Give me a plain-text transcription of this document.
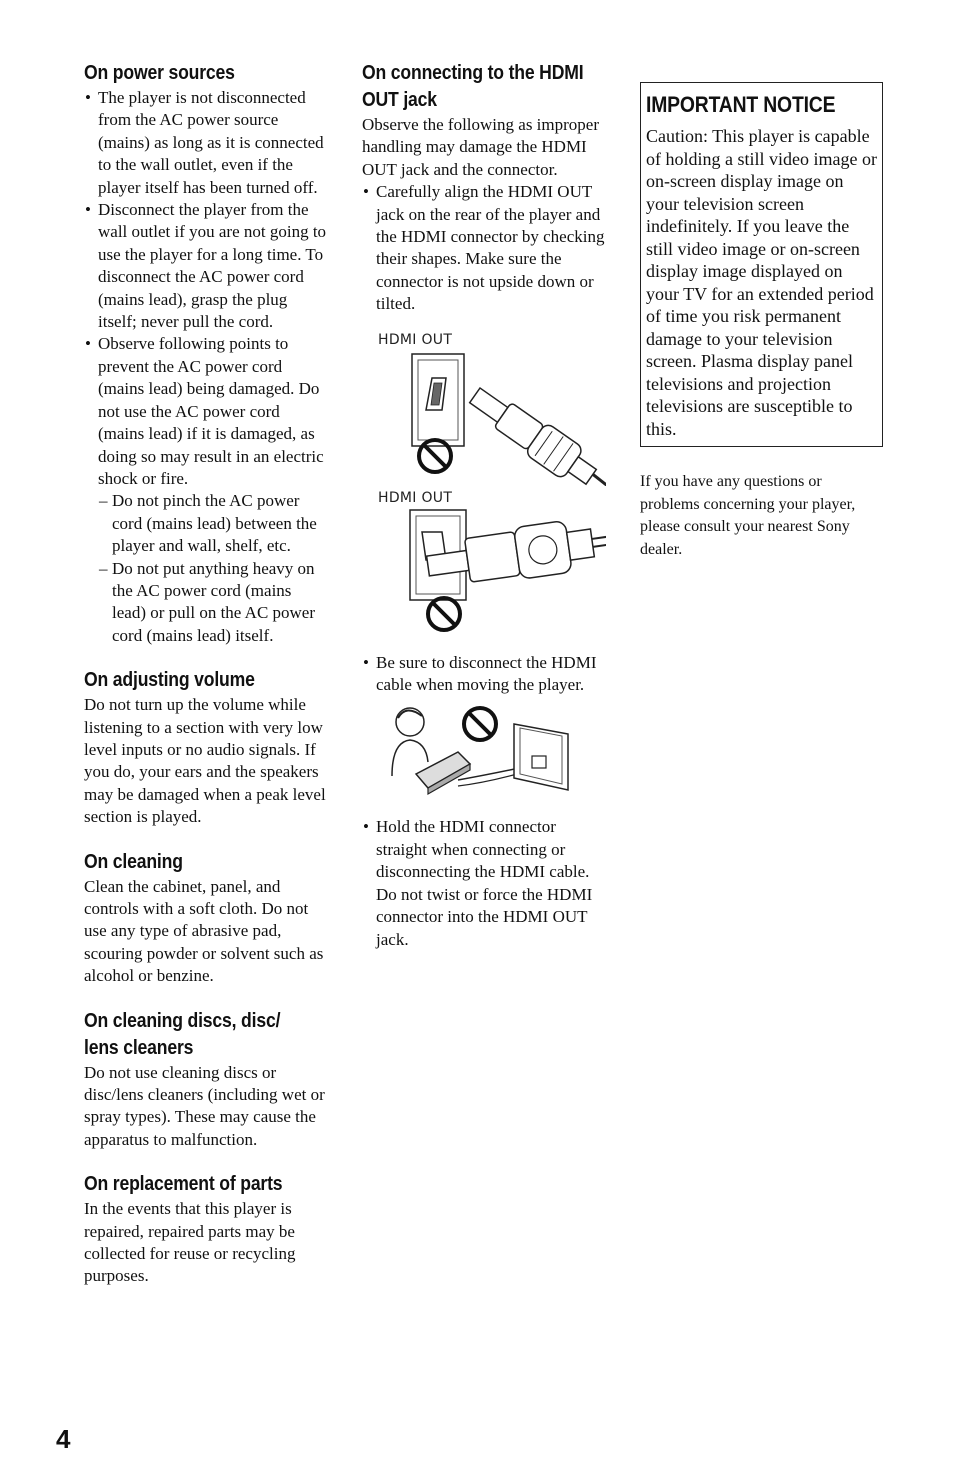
On power sources
• The player is not disconnected from the AC power source (mains) as long as it is connected to the wall outlet, even if the player itself has been turned off.
• Disconnect the player from the wall outlet if you are not going to use the player for a long time. To disconnect the AC power cord (mains lead), grasp the plug itself; never pull the cord.
• Observe following points to prevent the AC power cord (mains lead) being damaged. Do not use the AC power cord (mains lead) if it is damaged, as doing so may result in an electric shock or fire.
– Do not pinch the AC power cord (mains lead) between the player and wall, shelf, etc.
– Do not put anything heavy on the AC power cord (mains lead) or pull on the AC power cord (mains lead) itself.
On adjusting volume

Do not turn up the volume while listening to a section with very low level inputs or no audio signals. If you do, your ears and the speakers may be damaged when a peak level section is played.

On cleaning

Clean the cabinet, panel, and controls with a soft cloth. Do not use any type of abrasive pad, scouring powder or solvent such as alcohol or benzine.

On cleaning discs, disc/
lens cleaners

Do not use cleaning discs or disc/lens cleaners (including wet or spray types). These may cause the apparatus to malfunction.

On replacement of parts

In the events that this player is repaired, repaired parts may be collected for reuse or recycling purposes.

On connecting to the HDMI
OUT jack

Observe the following as improper handling may damage the HDMI OUT jack and the connector.

• Carefully align the HDMI OUT jack on the rear of the player and the HDMI connector by checking their shapes. Make sure the connector is not upside down or tilted.
HDMI OUT
HDMI OUT
• Be sure to disconnect the HDMI cable when moving the player.
• Hold the HDMI connector straight when connecting or disconnecting the HDMI cable. Do not twist or force the HDMI connector into the HDMI OUT jack.
IMPORTANT NOTICE

Caution: This player is capable of holding a still video image or on-screen display image on your television screen indefinitely. If you leave the still video image or on-screen display image displayed on your TV for an extended period of time you risk permanent damage to your television screen. Plasma display panel televisions and projection televisions are susceptible to this.

If you have any questions or problems concerning your player, please consult your nearest Sony dealer.

4
